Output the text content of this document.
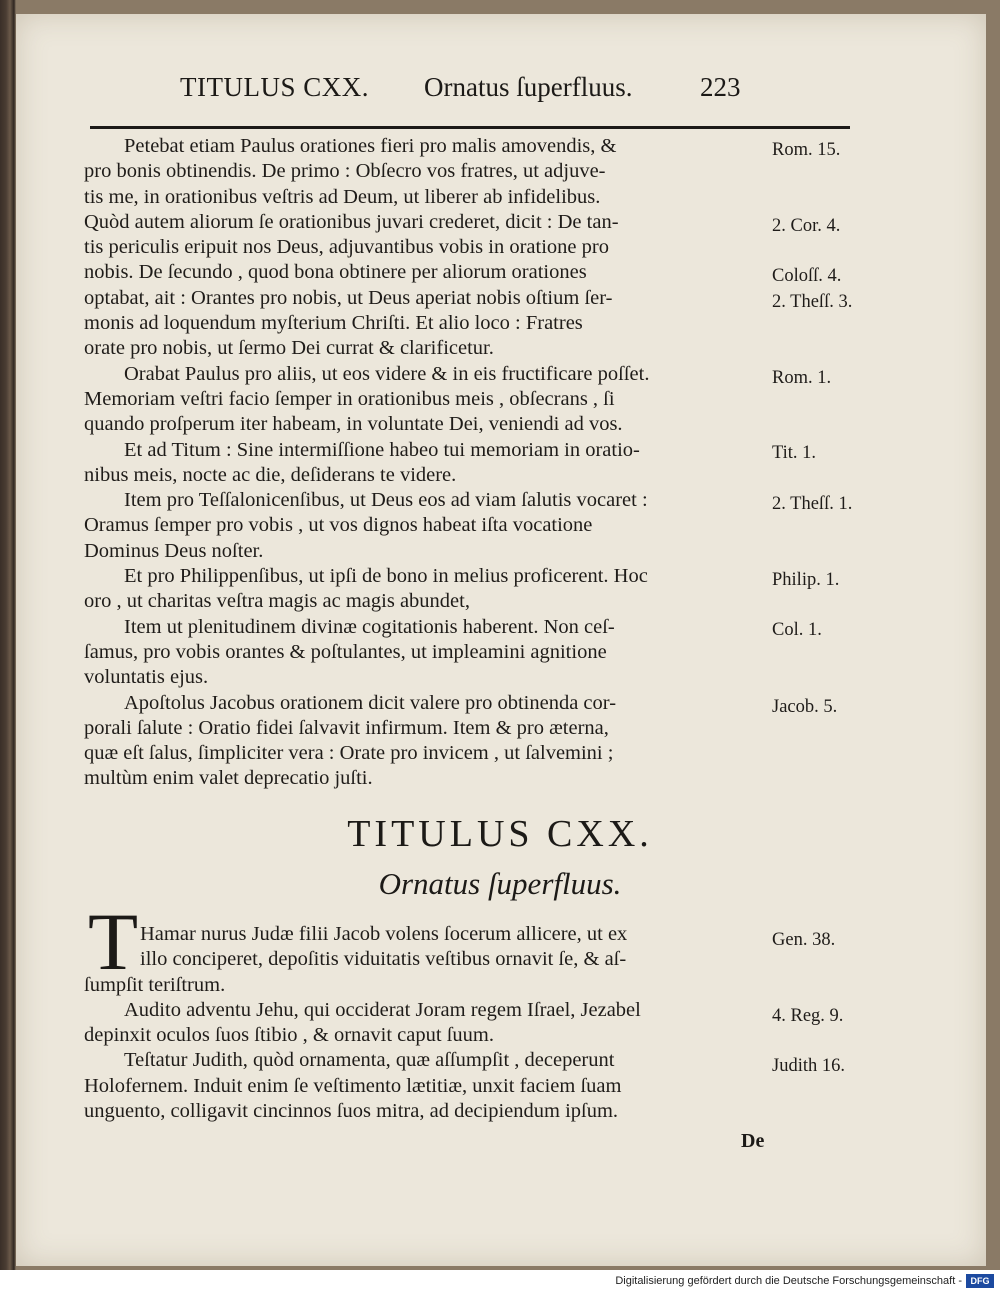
TITULUS CXX. Ornatus ſuperfluus.	223
Petebat etiam Paulus orationes fieri pro malis amovendis, &
pro bonis obtinendis. De primo : Obſecro vos fratres, ut adjuve-
tis me, in orationibus veſtris ad Deum, ut liberer ab infidelibus.
Quòd autem aliorum ſe orationibus juvari crederet, dicit : De tan-
tis periculis eripuit nos Deus, adjuvantibus vobis in oratione pro
nobis. De ſecundo , quod bona obtinere per aliorum orationes
optabat, ait : Orantes pro nobis, ut Deus aperiat nobis oſtium ſer-
monis ad loquendum myſterium Chriſti. Et alio loco : Fratres
orate pro nobis, ut ſermo Dei currat & clarificetur.
Orabat Paulus pro aliis, ut eos videre & in eis fructificare poſſet.
Memoriam veſtri facio ſemper in orationibus meis , obſecrans , ſi
quando proſperum iter habeam, in voluntate Dei, veniendi ad vos.
Et ad Titum : Sine intermiſſione habeo tui memoriam in oratio-
nibus meis, nocte ac die, deſiderans te videre.
Item pro Teſſalonicenſibus, ut Deus eos ad viam ſalutis vocaret :
Oramus ſemper pro vobis , ut vos dignos habeat iſta vocatione
Dominus Deus noſter.
Et pro Philippenſibus, ut ipſi de bono in melius proficerent. Hoc
oro , ut charitas veſtra magis ac magis abundet,
Item ut plenitudinem divinæ cogitationis haberent. Non ceſ-
ſamus, pro vobis orantes & poſtulantes, ut impleamini agnitione
voluntatis ejus.
Apoſtolus Jacobus orationem dicit valere pro obtinenda cor-
porali ſalute : Oratio fidei ſalvavit infirmum. Item & pro æterna,
quæ eſt ſalus, ſimpliciter vera : Orate pro invicem , ut ſalvemini ;
multùm enim valet deprecatio juſti.
Rom. 15.
2. Cor. 4.
Coloſſ. 4.
2. Theſſ. 3.
Rom. 1.
Tit. 1.
2. Theſſ. 1.
Philip. 1.
Col. 1.
Jacob. 5.
TITULUS CXX.
Ornatus ſuperfluus.
T Hamar nurus Judæ filii Jacob volens ſocerum allicere, ut ex
illo conciperet, depoſitis viduitatis veſtibus ornavit ſe, & aſ-
ſumpſit teriſtrum.
Audito adventu Jehu, qui occiderat Joram regem Iſrael, Jezabel
depinxit oculos ſuos ſtibio , & ornavit caput ſuum.
Teſtatur Judith, quòd ornamenta, quæ aſſumpſit , deceperunt
Holofernem. Induit enim ſe veſtimento lætitiæ, unxit faciem ſuam
unguento, colligavit cincinnos ſuos mitra, ad decipiendum ipſum.
Gen. 38.
4. Reg. 9.
Judith 16.
De
Digitalisierung gefördert durch die Deutsche Forschungsgemeinschaft - DFG
